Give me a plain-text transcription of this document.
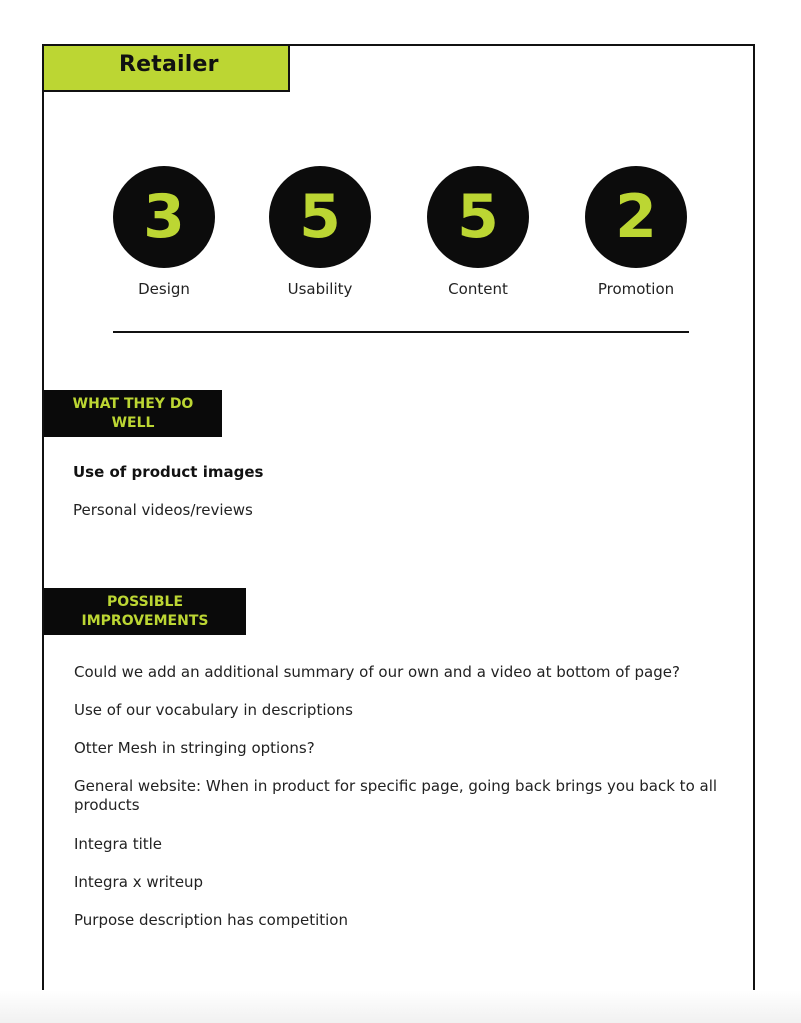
Retailer
3
Design
5
Usability
5
Content
2
Promotion
WHAT THEY DO
WELL
Use of product images
Personal videos/reviews
POSSIBLE
IMPROVEMENTS
Could we add an additional summary of our own and a video at bottom of page?
Use of our vocabulary in descriptions
Otter Mesh in stringing options?
General website: When in product for specific page, going back brings you back to all products
Integra title
Integra x writeup
Purpose description has competition
